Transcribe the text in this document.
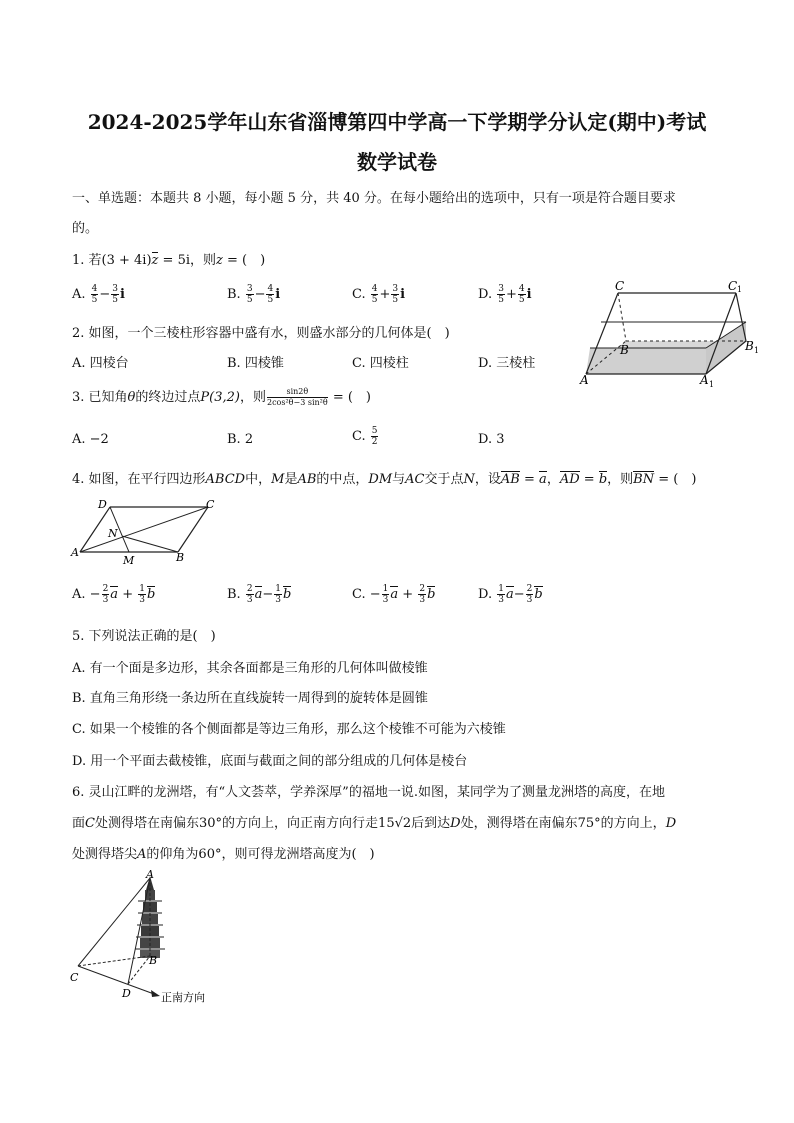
2024-2025学年山东省淄博第四中学高一下学期学分认定(期中)考试
数学试卷
一、单选题：本题共 8 小题，每小题 5 分，共 40 分。在每小题给出的选项中，只有一项是符合题目要求
的。
1. 若(3 + 4i)z = 5i，则z = (　)
A. $\frac{4}{5} - \frac{3}{5}$ i	B. $\frac{3}{5} - \frac{4}{5}$ i	C. $\frac{4}{5} + \frac{3}{5}$ i	D. $\frac{3}{5} + \frac{4}{5}$ i
C	C 1
B	B 1
A	A 1
2. 如图，一个三棱柱形容器中盛有水，则盛水部分的几何体是(　)
A. 四棱台	B. 四棱锥	C. 四棱柱	D. 三棱柱
3. 已知角θ的终边过点P(3,2)，则 $\frac{\sin 2\theta}{\text{2cos²θ−3 sin²θ}}$ = (　)
A. −2	B. 2	C. $\frac{5}{2}$	D. 3
4. 如图，在平行四边形ABCD中，M是AB的中点，DM与AC交于点N，设AB = a，AD = b，则BN = (　)
D	C
N
A
M	B
A. − $\frac{2}{3}$ $a + \frac{1}{3}$ b	B. $\frac{2}{3} a- \frac{1}{3}$ b	C. − $\frac{1}{3}$ $a + \frac{2}{3}$ b	D. $\frac{1}{3} a- \frac{2}{3}$ b
5. 下列说法正确的是(　)
A. 有一个面是多边形，其余各面都是三角形的几何体叫做棱锥
B. 直角三角形绕一条边所在直线旋转一周得到的旋转体是圆锥
C. 如果一个棱锥的各个侧面都是等边三角形，那么这个棱锥不可能为六棱锥
D. 用一个平面去截棱锥，底面与截面之间的部分组成的几何体是棱台
6. 灵山江畔的龙洲塔，有“人文荟萃，学养深厚”的福地一说.如图，某同学为了测量龙洲塔的高度，在地
面C处测得塔在南偏东30°的方向上，向正南方向行走15√2后到达D处，测得塔在南偏东75°的方向上，D
处测得塔尖A的仰角为60°，则可得龙洲塔高度为(　)
A
B
C
D	正南方向
